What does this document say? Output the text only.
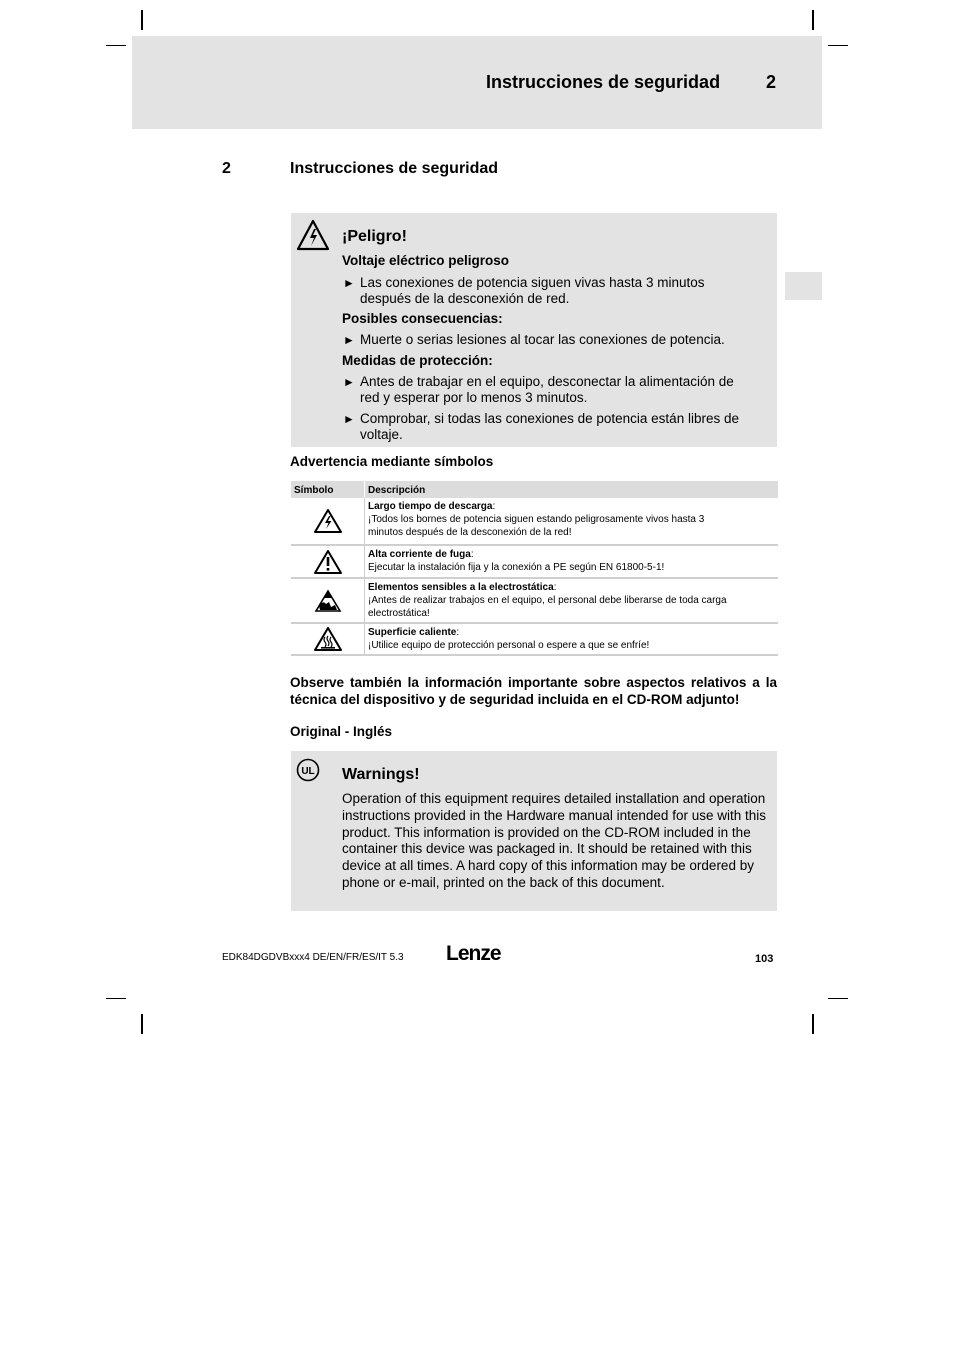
Instrucciones de seguridad	2
2	Instrucciones de seguridad
¡Peligro!
Voltaje eléctrico peligroso
► Las conexiones de potencia siguen vivas hasta 3 minutos
después de la desconexión de red.
Posibles consecuencias:
► Muerte o serias lesiones al tocar las conexiones de potencia.
Medidas de protección:
► Antes de trabajar en el equipo, desconectar la alimentación de
red y esperar por lo menos 3 minutos.
► Comprobar, si todas las conexiones de potencia están libres de
voltaje.
Advertencia mediante símbolos
Símbolo	Descripción

Largo tiempo de descarga:
¡Todos los bornes de potencia siguen estando peligrosamente vivos hasta 3
minutos después de la desconexión de la red!

Alta corriente de fuga:
Ejecutar la instalación fija y la conexión a PE según EN 61800-5-1!

Elementos sensibles a la electrostática:
¡Antes de realizar trabajos en el equipo, el personal debe liberarse de toda carga
electrostática!

Superficie caliente:
¡Utilice equipo de protección personal o espere a que se enfríe!
Observe también la información importante sobre aspectos relativos a la técnica del dispositivo y de seguridad incluida en el CD-ROM adjunto!
Original - Inglés
UL Warnings!
Operation of this equipment requires detailed installation and operation instructions provided in the Hardware manual intended for use with this product. This information is provided on the CD-ROM included in the container this device was packaged in. It should be retained with this device at all times. A hard copy of this information may be ordered by phone or e-mail, printed on the back of this document.
EDK84DGDVBxxx4 DE/EN/FR/ES/IT 5.3 Lenze	103
